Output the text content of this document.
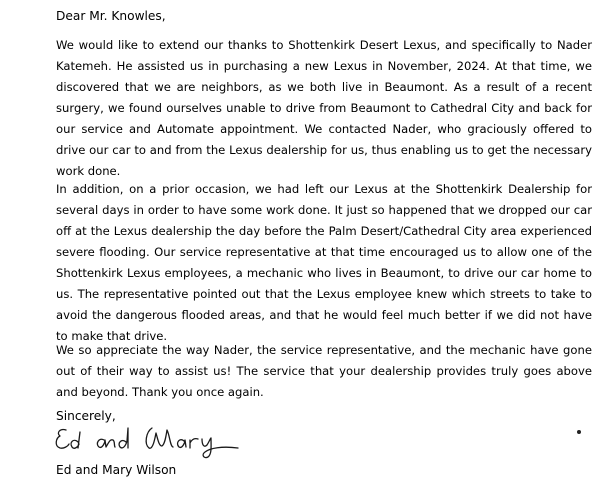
Dear Mr. Knowles,

We would like to extend our thanks to Shottenkirk Desert Lexus, and specifically to Nader Katemeh. He assisted us in purchasing a new Lexus in November, 2024. At that time, we discovered that we are neighbors, as we both live in Beaumont. As a result of a recent surgery, we found ourselves unable to drive from Beaumont to Cathedral City and back for our service and Automate appointment. We contacted Nader, who graciously offered to drive our car to and from the Lexus dealership for us, thus enabling us to get the necessary work done.

In addition, on a prior occasion, we had left our Lexus at the Shottenkirk Dealership for several days in order to have some work done. It just so happened that we dropped our car off at the Lexus dealership the day before the Palm Desert/Cathedral City area experienced severe flooding. Our service representative at that time encouraged us to allow one of the Shottenkirk Lexus employees, a mechanic who lives in Beaumont, to drive our car home to us. The representative pointed out that the Lexus employee knew which streets to take to avoid the dangerous flooded areas, and that he would feel much better if we did not have to make that drive.

We so appreciate the way Nader, the service representative, and the mechanic have gone out of their way to assist us! The service that your dealership provides truly goes above and beyond. Thank you once again.

Sincerely,
Ed and Mary Wilson
